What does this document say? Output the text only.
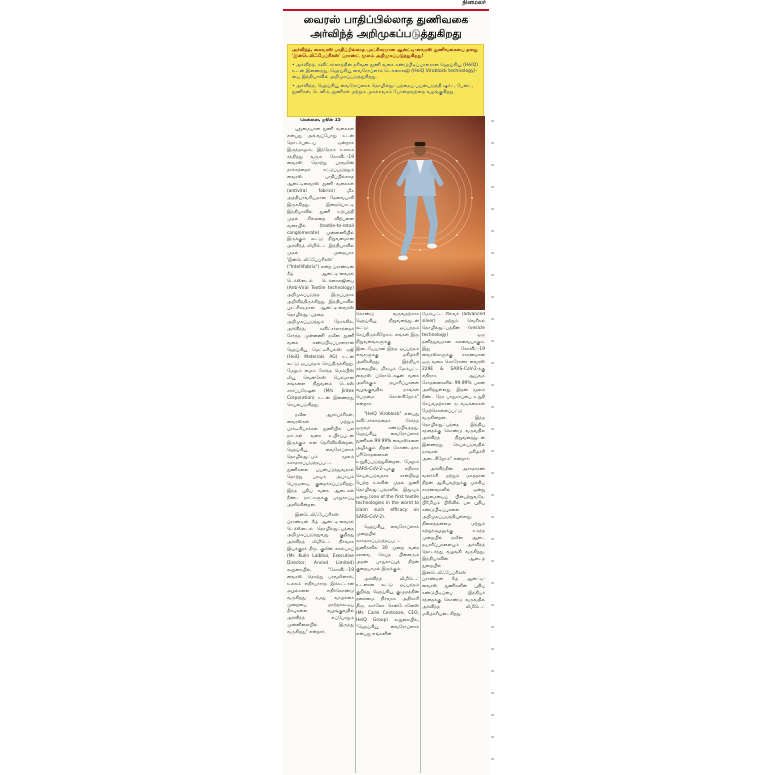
தினமலர்
வைரஸ் பாதிப்பில்லாத துணிவகை
அர்விந்த் அறிமுகப்படுத்துகிறது

அர்விந்த், கைவரஸ் பாதிப்பில்லாத புரட்சிகரமான ஆன்ட்டி-வைரஸ் துணிவகையை தனது 'இன்டெலிஃபேப்ரிக்ஸ்' ப்ராண்ட் மூலம் அறிமுகப்படுத்துகிறது!

• அர்விந்த், சுவிட்சர்லாந்தின் தரிவன துணி வகை கண்டுபிடிப்பாளரான ஹெய்கியூ (HeiQ) உடன் இணைந்து, ஹெய்கியூ வைரோப்ளாக் டெக்னாலஜி (HeiQ Viroblock technology)-யை இந்தியாவில் அறிமுகப்படுத்துகிறது.

• அர்விந்த், ஹெய்கியூ வைரோப்ளாக் தொழில்நுட்பத்தைப் பயன்படுத்தி ஷர்ட், பேன்ட், துணிகள், டெனிம், துணிகள் மற்றும் முகக்கவசம் போன்றவற்றை வழங்குகிறது.

சென்னை, ஜூன் 15

புதுமையான துணி வகைகள் என்பது அவ்வப்போது உடன் தொடர்புடைய ஒன்றாக இருந்தாலும், இந்நேரம் உலகம் சந்தித்து வரும் கோவிட்-19 வைரஸ் தொற்று பரவலின் தாக்கத்தைக் கட்டுப்படுத்தும் வைரஸ் பாதிப்பில்லாத ஆன்ட்டிவைரஸ் துணி வகைகள் (antiviral fabrics) மிக அத்தியாவசியமான தேவையாகி இருக்கிறது. இதையொட்டி இந்தியாவில் துணி உற்பத்தி முதல் சில்லறை விற்பனை வரையில் (textile-to-retail conglomerate) முன்னணியில் இருக்கும் கூட்டு நிறுவனமான அர்விந்த் லிமிடெட் இந்தியாவில் முதல் முறையாக 'இன்டெலிஃபேப்ரிக்ஸ்' ("Intellifabrix") என்ற ப்ராண்டின் கீழ் ஆன்ட்டி-வைரல் டெக்ஸ்டைல் டெக்னாலஜியை (Anti-Viral Textile technology) அறிமுகப்படுத்த இருப்பதாக அறிவித்திருக்கிறது. இந்தியாவில் புரட்சிகரமான ஆன்ட்டி-வைரஸ் தொழில்நுட்பத்தை அறிமுகப்படுத்தும் நோக்கில், அர்விந்த், சுவிட்சர்லாந்தைச் சேர்ந்த முன்னணி நவீன துணி வகை கண்டுபிடிப்பாளரான ஹெய்கியூ மெட்டீரியல்ஸ் ஏஜி (HeiQ Materials AG) உடன் கூட்டு ஒப்பந்தம் செய்திருக்கிறது. மேலும் மைம் சேர்ந்த மெம்பிஸ் லியூ வென்கேஸ் பெல்மான எங்களை நிறுவனம் டெக்ஸ் கார்ப்பரேஷன் (M/s Jintex Corporation) உடன் இணைந்து செயல்படுகிறது.

நவீன ஆராய்ச்சிகள், வைரஸ்கள் மற்றும் பாக்டீரியாக்கள் துணியில் பல நாட்கள் வரை உயிர்ப்புடன் இருக்கும் என தெரிவிக்கின்றன. ஹெய்கியூ வைரோப்ளாக் தொழில்நுட்பம் மூலம் சுகாதாரப்படுத்தப்பட்ட துணிகளை பயன்படுத்துவதால் தொற்று பரவும் அபாயம் பெருமளவு குறைக்கப்படுகிறது. இந்த புதிய வகை ஆடைகள் நீண்ட நாட்களுக்கு பாதுகாப்பு அளிக்கின்றன.

இன்டெலிஃபேப்ரிக்ஸ் ப்ராண்டின் கீழ் ஆன்ட்டி-வைரல் டெக்ஸ்டைல் தொழில்நுட்பத்தை அறிமுகப்படுத்துவது குறித்து அர்விந்த் லிமிடெட் நிர்வாக இயக்குநர் திரு. குலின் லால்பாய் (Mr. Kulin Lalbhai, Executive Director, Arvind Limited) கூறுகையில், "கோவிட்-19 வைரஸ் தொற்று பரவலினால், உலகம் எதிர்பாராத இக்கட்டான சூழல்களை எதிர்கொண்டு வருகிறது. நமது வாழ்க்கை முறையை மாற்றக்கூடிய தீர்வுகளை வழங்குவதில் அர்விந்த் எப்போதும் முன்னிலையில் இருந்து வருகிறது" என்றார்.

கொண்டு வருவதற்காக ஹெய்கியூ நிறுவனத்துடன் கூட்டு ஒப்பந்தம் செய்திருக்கிறோம். எங்கள் இரு நிறுவனங்களுக்கு இடையேயான இந்த ஒப்பந்தம் எங்களுக்கு மகிழ்ச்சி அளிக்கிறது. இந்தியச் சந்தையில், மிகவும் மேம்பட்ட வைரஸ் ப்ரொடெக்ஷன் வகை அளிக்கும் தயாரிப்புகளை வழங்குவதில் நாங்கள் பெருமை கொள்கிறோம்" என்றார்.

"HeiQ Viroblock" என்பது சுவிட்சர்லாந்தைச் சேர்ந்த ஒருவர் கண்டுபிடித்தது. ஹெய்கியூ வைரோப்ளாக் துணிகள் 99.99% வைரஸ்களை அழிக்கும் திறன் கொண்டதாக பரிசோதனைகள் உறுதிப்படுத்துகின்றன. மேலும் SARS-CoV-2-வுக்கு எதிராக செயல்படுவதாக சான்றிதழ் பெற்ற உலகின் முதல் துணி தொழில்நுட்பங்களில் இதுவும் ஒன்று (one of the first textile technologies in the world to claim such efficacy on SARS-CoV-2).

ஹெய்கியூ வைரோப்ளாக் முறையில் சுகாதாரப்படுத்தப்பட்ட துணிகளில் 30 முறை வரை சலவை செய்த பின்னரும் அதன் பாதுகாப்புத் திறன் குறையாமல் இருக்கும்.

அர்விந்த் லிமிடெட் உடனான கூட்டு ஒப்பந்தம் குறித்து ஹெய்கியூ குழுமத்தின் தலைமை நிர்வாக அதிகாரி திரு. கார்லோ சென்டோனேஸ் (Mr. Carlo Centonze, CEO, HeiQ Group) கூறுகையில், "ஹெய்கியூ வைரோப்ளாக் என்பது எங்களின்

மேம்பட்ட சில்வர் (advanced silver) மற்றும் வெசிகல் தொழில்நுட்பத்தின் (vesicle technology) ஒரு தனித்துவமான கலவையாகும். இது கோவிட்-19 வைரஸ்களுக்கு காரணமான ஒரு வகை கொரோனா வைரஸ் 229E & SARS-CoV-2-க்கு எதிராக ஆய்வக சோதனைகளில் 99.99% பலன் அளித்துள்ளது. இதன் மூலம் நீண்ட நேர பாதுகாப்பை உறுதி செய்வதற்கான நடவடிக்கைகள் மேற்கொள்ளப்பட்டு வருகின்றன. இந்த தொழில்நுட்பத்தை இந்திய சந்தைக்கு கொண்டு வருவதில் அர்விந்த் நிறுவனத்துடன் இணைந்து செயல்படுவதில் நாங்கள் மகிழ்ச்சி அடைகிறோம்" என்றார்.

அர்விந்தின் அசாதாரண வளர்ச்சி மற்றும் மகத்தான திறன் ஆகியவற்றுக்கு முக்கிய காரணங்களில் ஒன்று புதுமையைப் பின்பற்றுவதே. பிரீமியம் பிரிவில் பல புதிய கண்டுபிடிப்புகளை அறிமுகப்படுத்தியுள்ளது. நிலைத்தன்மை மற்றும் சுற்றுச்சூழலுக்கு உகந்த முறையில் நவீன ஆடை தயாரிப்புகளையும் அர்விந்த் தொடர்ந்து வழங்கி வருகிறது. இந்தியாவின் ஆடைத் துறையில் இன்டெலிஃபேப்ரிக்ஸ் ப்ராண்டின் கீழ் ஆன்ட்டி-வைரஸ் துணிகளின் புதிய கண்டுபிடிப்பை இந்தியச் சந்தைக்கு கொண்டு வருவதில் அர்விந்த் லிமிடெட் மகிழ்ச்சியடைகிறது.
